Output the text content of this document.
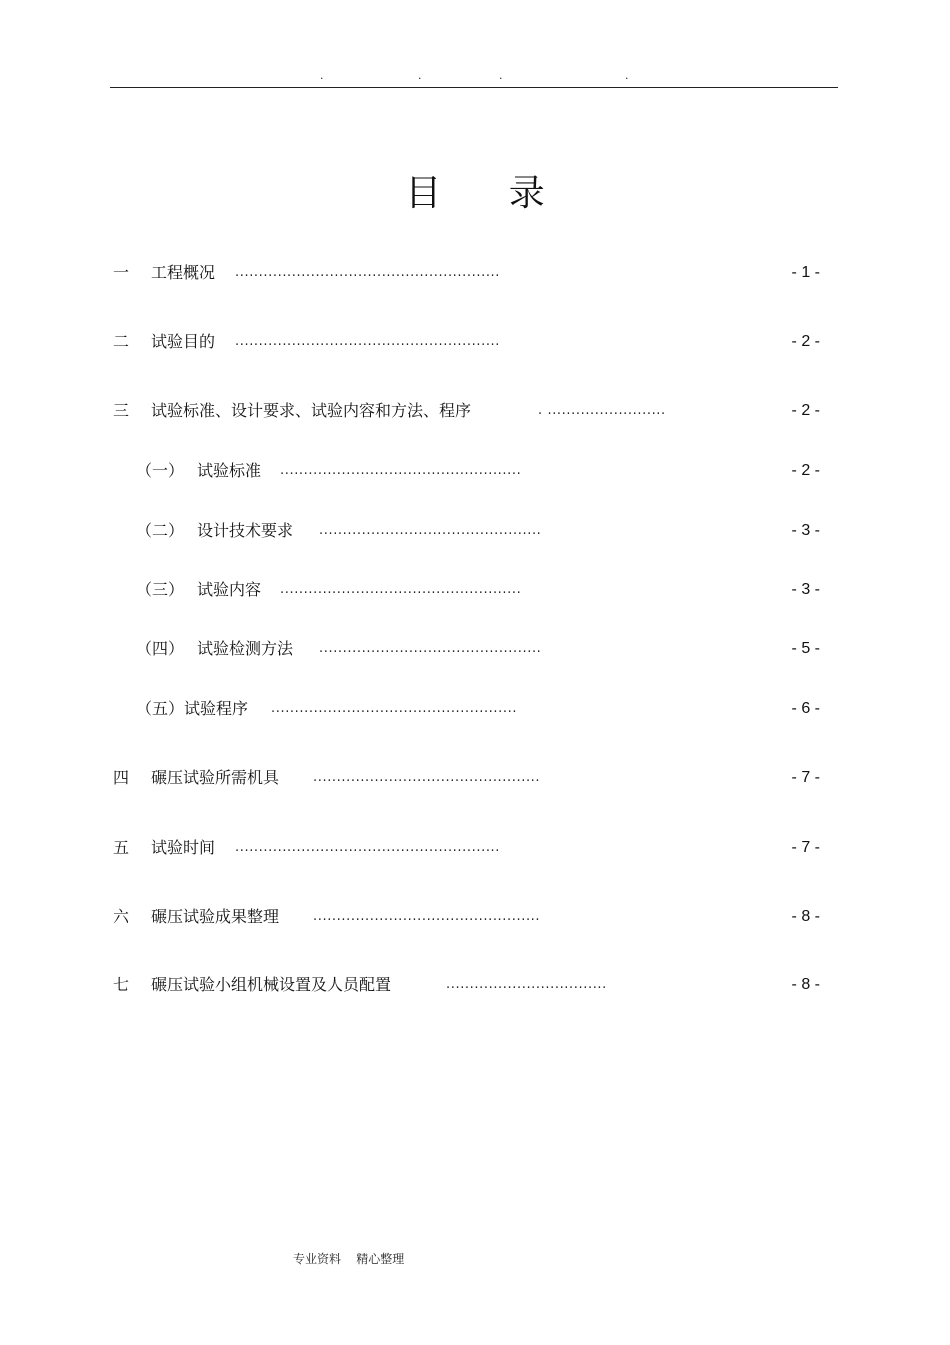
.	.	.	.
目 录
一 工程概况 ........................................................	- 1 -
二 试验目的 ........................................................	- 2 -
三 试验标准、设计要求、试验内容和方法、程序	. .........................	- 2 -
（一） 试验标准 ...................................................	- 2 -
（二） 设计技术要求 ...............................................	- 3 -
（三） 试验内容 ...................................................	- 3 -
（四） 试验检测方法 ...............................................	- 5 -
（五） 试验程序 ....................................................	- 6 -
四 碾压试验所需机具	................................................	- 7 -
五 试验时间 ........................................................	- 7 -
六 碾压试验成果整理	................................................	- 8 -
七 碾压试验小组机械设置及人员配置	..................................	- 8 -
专业资料    精心整理
